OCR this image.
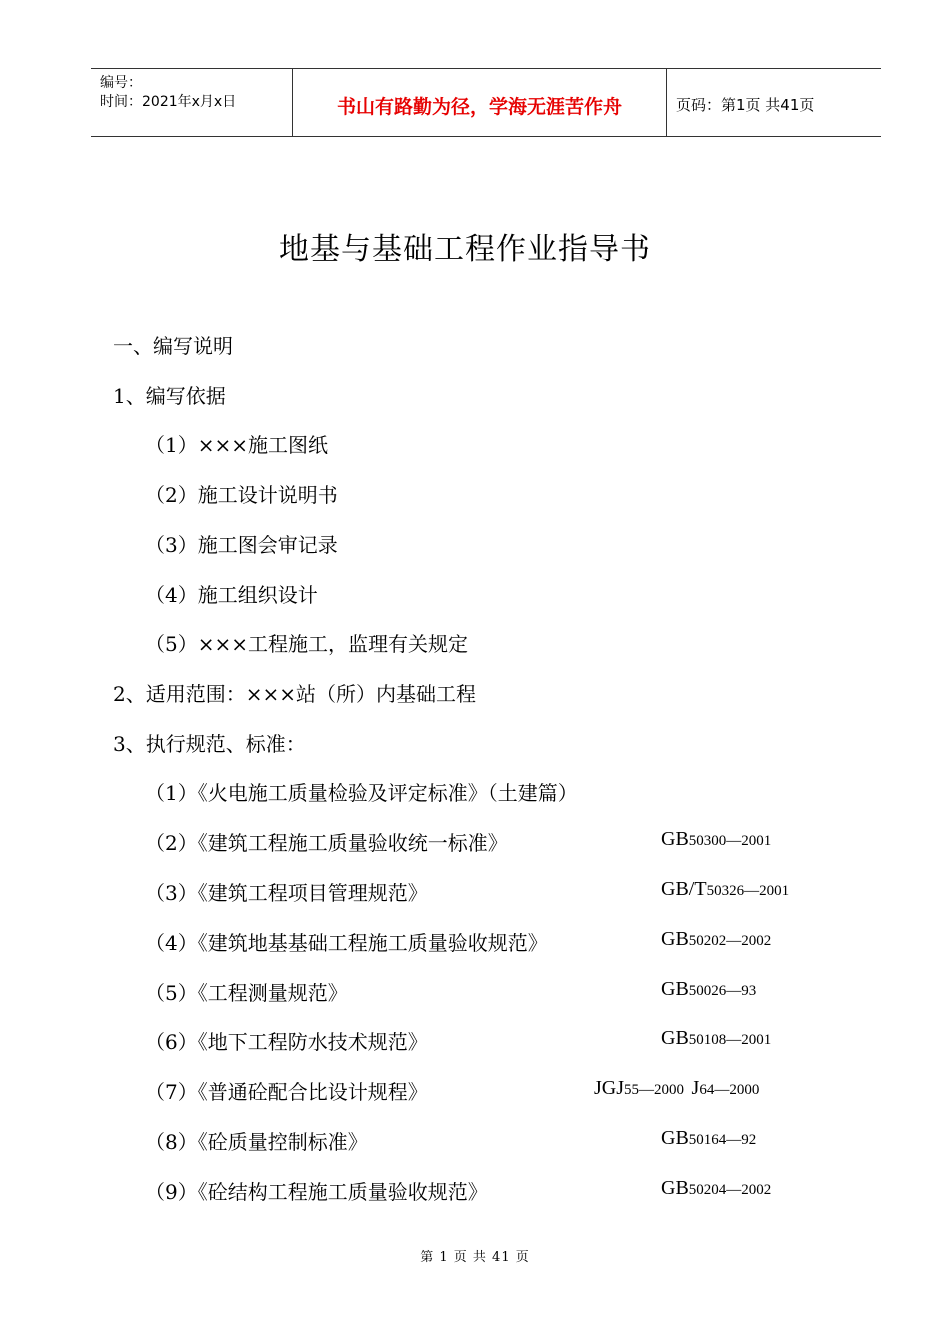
编号：
时间：2021年x月x日	书山有路勤为径，学海无涯苦作舟	页码：第1页 共41页
地基与基础工程作业指导书
一、编写说明
1、编写依据
（1）×××施工图纸
（2）施工设计说明书
（3）施工图会审记录
（4）施工组织设计
（5）×××工程施工，监理有关规定
2、适用范围：×××站（所）内基础工程
3、执行规范、标准：
（1）《火电施工质量检验及评定标准》（土建篇）
（2）《建筑工程施工质量验收统一标准》	GB50300—2001
（3）《建筑工程项目管理规范》	GB/T50326—2001
（4）《建筑地基基础工程施工质量验收规范》	GB50202—2002
（5）《工程测量规范》	GB50026—93
（6）《地下工程防水技术规范》	GB50108—2001
（7）《普通砼配合比设计规程》	JGJ55—2000 J64—2000
（8）《砼质量控制标准》	GB50164—92
（9）《砼结构工程施工质量验收规范》	GB50204—2002
第 1 页 共 41 页
